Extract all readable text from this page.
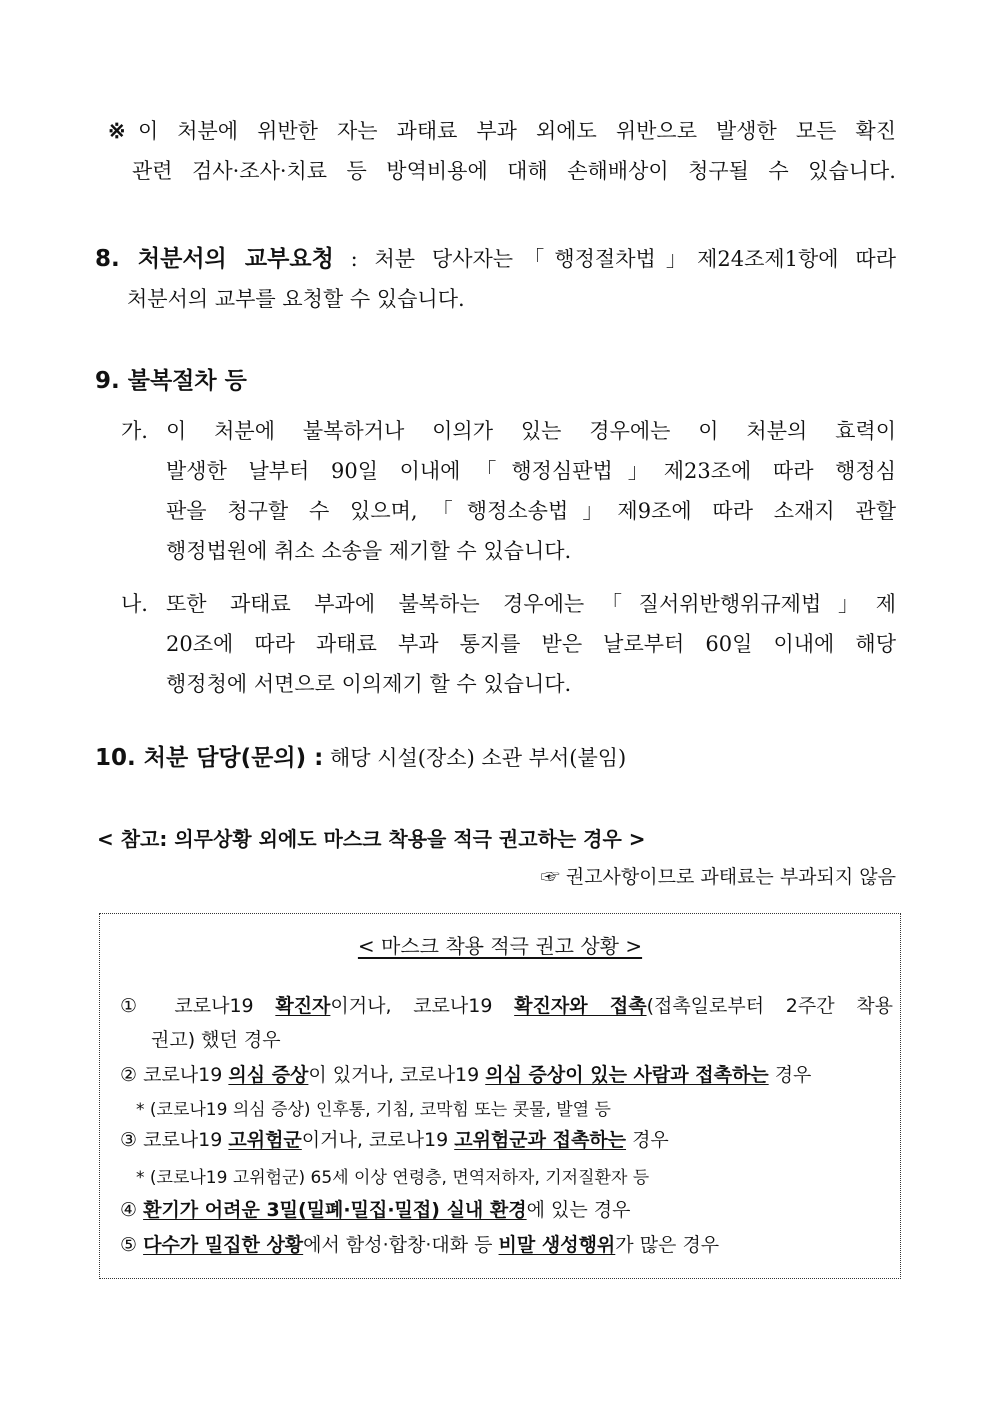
※이 처분에 위반한 자는 과태료 부과 외에도 위반으로 발생한 모든 확진
관련 검사·조사·치료 등 방역비용에 대해 손해배상이 청구될 수 있습니다.
8. 처분서의 교부요청 : 처분 당사자는「행정절차법」제24조제1항에 따라
처분서의 교부를 요청할 수 있습니다.
9. 불복절차 등
가. 이 처분에 불복하거나 이의가 있는 경우에는 이 처분의 효력이
발생한 날부터 90일 이내에「행정심판법」제23조에 따라 행정심
판을 청구할 수 있으며,「행정소송법」제9조에 따라 소재지 관할
행정법원에 취소 소송을 제기할 수 있습니다.
나. 또한 과태료 부과에 불복하는 경우에는「질서위반행위규제법」제
20조에 따라 과태료 부과 통지를 받은 날로부터 60일 이내에 해당
행정청에 서면으로 이의제기 할 수 있습니다.
10. 처분 담당(문의) : 해당 시설(장소) 소관 부서(붙임)
< 참고: 의무상황 외에도 마스크 착용을 적극 권고하는 경우 >
☞ 권고사항이므로 과태료는 부과되지 않음
< 마스크 착용 적극 권고 상황 >
① 코로나19 확진자이거나, 코로나19 확진자와 접촉(접촉일로부터 2주간 착용
권고) 했던 경우
② 코로나19 의심 증상이 있거나, 코로나19 의심 증상이 있는 사람과 접촉하는 경우
* (코로나19 의심 증상) 인후통, 기침, 코막힘 또는 콧물, 발열 등
③ 코로나19 고위험군이거나, 코로나19 고위험군과 접촉하는 경우
* (코로나19 고위험군) 65세 이상 연령층, 면역저하자, 기저질환자 등
④ 환기가 어려운 3밀(밀폐·밀집·밀접) 실내 환경에 있는 경우
⑤ 다수가 밀집한 상황에서 함성·합창·대화 등 비말 생성행위가 많은 경우
